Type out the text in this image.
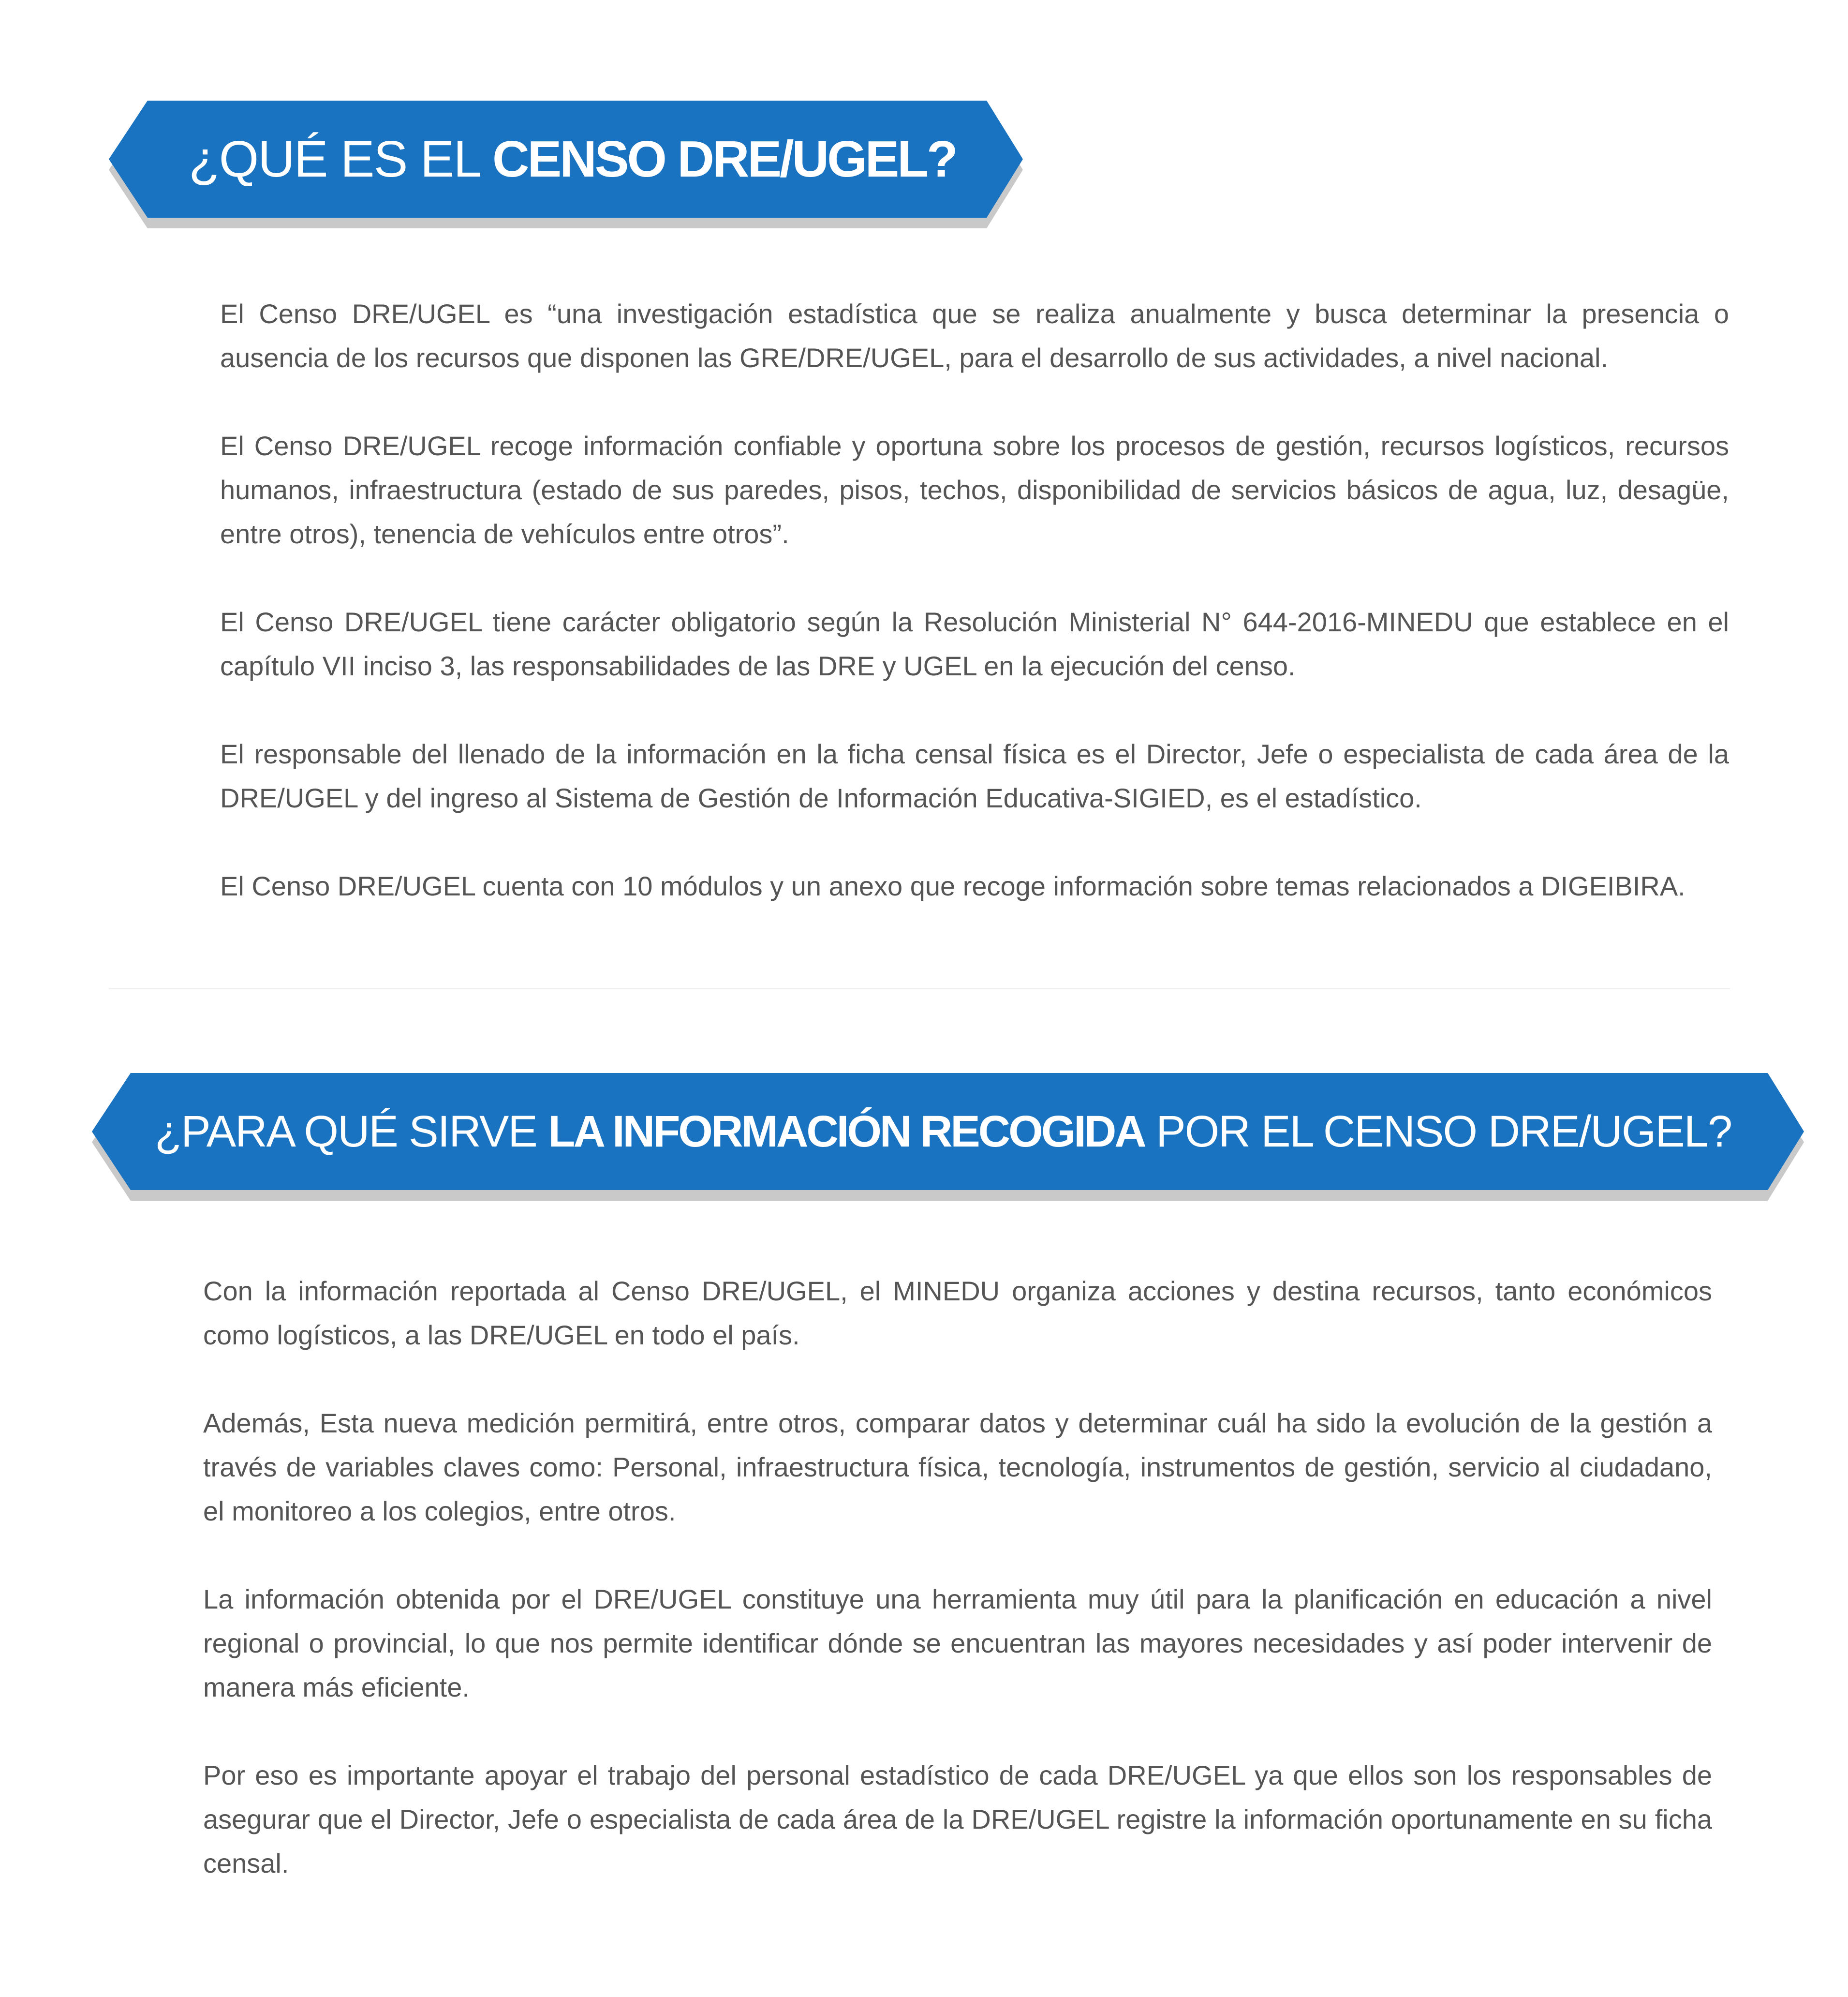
¿QUÉ ES EL CENSO DRE/UGEL?

El Censo DRE/UGEL es “una investigación estadística que se realiza anualmente y busca determinar la presencia o ausencia de los recursos que disponen las GRE/DRE/UGEL, para el desarrollo de sus actividades, a nivel nacional.

El Censo DRE/UGEL recoge información confiable y oportuna sobre los procesos de gestión, recursos logísticos, recursos humanos, infraestructura (estado de sus paredes, pisos, techos, disponibilidad de servicios básicos de agua, luz, desagüe, entre otros), tenencia de vehículos entre otros”.

El Censo DRE/UGEL tiene carácter obligatorio según la Resolución Ministerial N° 644-2016-MINEDU que establece en el capítulo VII inciso 3, las responsabilidades de las DRE y UGEL en la ejecución del censo.

El responsable del llenado de la información en la ficha censal física es el Director, Jefe o especialista de cada área de la DRE/UGEL y del ingreso al Sistema de Gestión de Información Educativa-SIGIED, es el estadístico.

El Censo DRE/UGEL cuenta con 10 módulos y un anexo que recoge información sobre temas relacionados a DIGEIBIRA.

¿PARA QUÉ SIRVE LA INFORMACIÓN RECOGIDA POR EL CENSO DRE/UGEL?

Con la información reportada al Censo DRE/UGEL, el MINEDU organiza acciones y destina recursos, tanto económicos como logísticos, a las DRE/UGEL en todo el país.

Además, Esta nueva medición permitirá, entre otros, comparar datos y determinar cuál ha sido la evolución de la gestión a través de variables claves como: Personal, infraestructura física, tecnología, instrumentos de gestión, servicio al ciudadano, el monitoreo a los colegios, entre otros.

La información obtenida por el DRE/UGEL constituye una herramienta muy útil para la planificación en educación a nivel regional o provincial, lo que nos permite identificar dónde se encuentran las mayores necesidades y así poder intervenir de manera más eficiente.

Por eso es importante apoyar el trabajo del personal estadístico de cada DRE/UGEL ya que ellos son los responsables de asegurar que el Director, Jefe o especialista de cada área de la DRE/UGEL registre la información oportunamente en su ficha censal.
